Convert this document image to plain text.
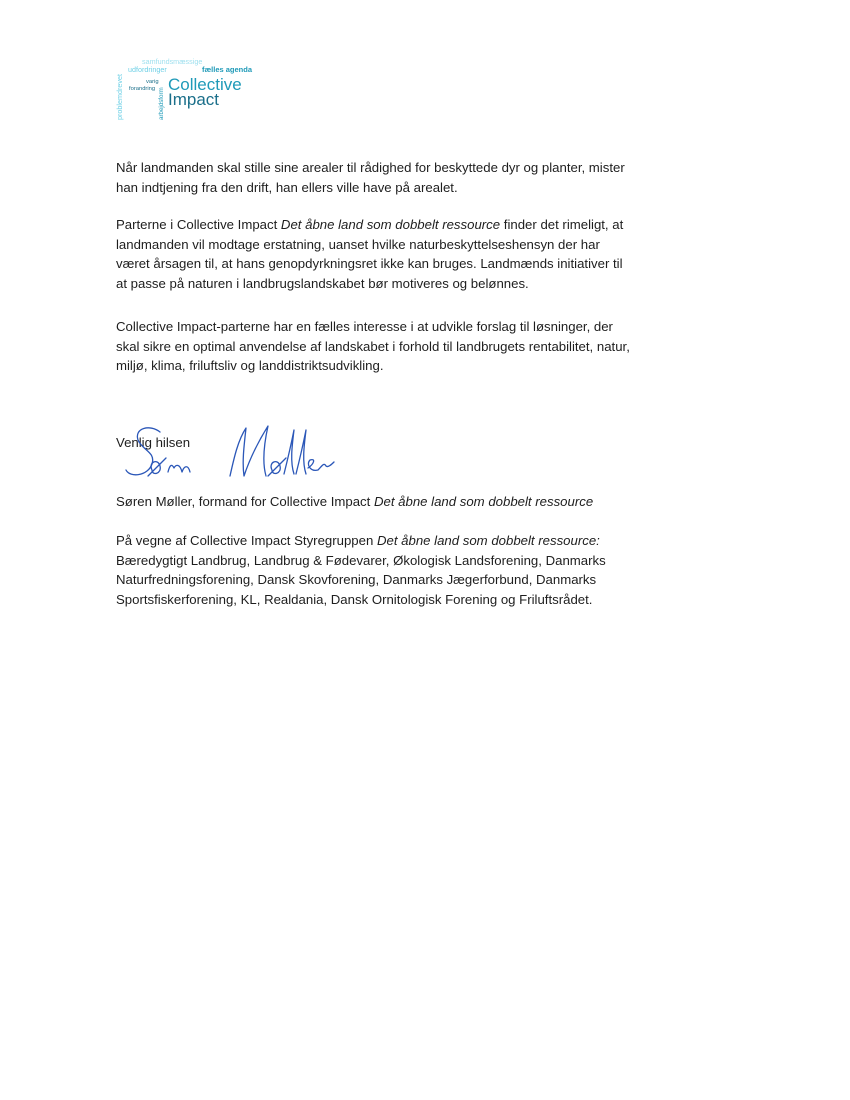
problemdrevet
samfundsmæssige
udfordringer	fælles agenda
varig
forandring arbejdsform
Collective
Impact

Når landmanden skal stille sine arealer til rådighed for beskyttede dyr og planter, mister han indtjening fra den drift, han ellers ville have på arealet.

Parterne i Collective Impact Det åbne land som dobbelt ressource finder det rimeligt, at landmanden vil modtage erstatning, uanset hvilke naturbeskyttelseshensyn der har været årsagen til, at hans genopdyrkningsret ikke kan bruges. Landmænds initiativer til at passe på naturen i landbrugslandskabet bør motiveres og belønnes.

Collective Impact-parterne har en fælles interesse i at udvikle forslag til løsninger, der skal sikre en optimal anvendelse af landskabet i forhold til landbrugets rentabilitet, natur, miljø, klima, friluftsliv og landdistriktsudvikling.

Venlig hilsen
Søren Møller, formand for Collective Impact Det åbne land som dobbelt ressource

På vegne af Collective Impact Styregruppen Det åbne land som dobbelt ressource: Bæredygtigt Landbrug, Landbrug & Fødevarer, Økologisk Landsforening, Danmarks Naturfredningsforening, Dansk Skovforening, Danmarks Jægerforbund, Danmarks Sportsfiskerforening, KL, Realdania, Dansk Ornitologisk Forening og Friluftsrådet.
